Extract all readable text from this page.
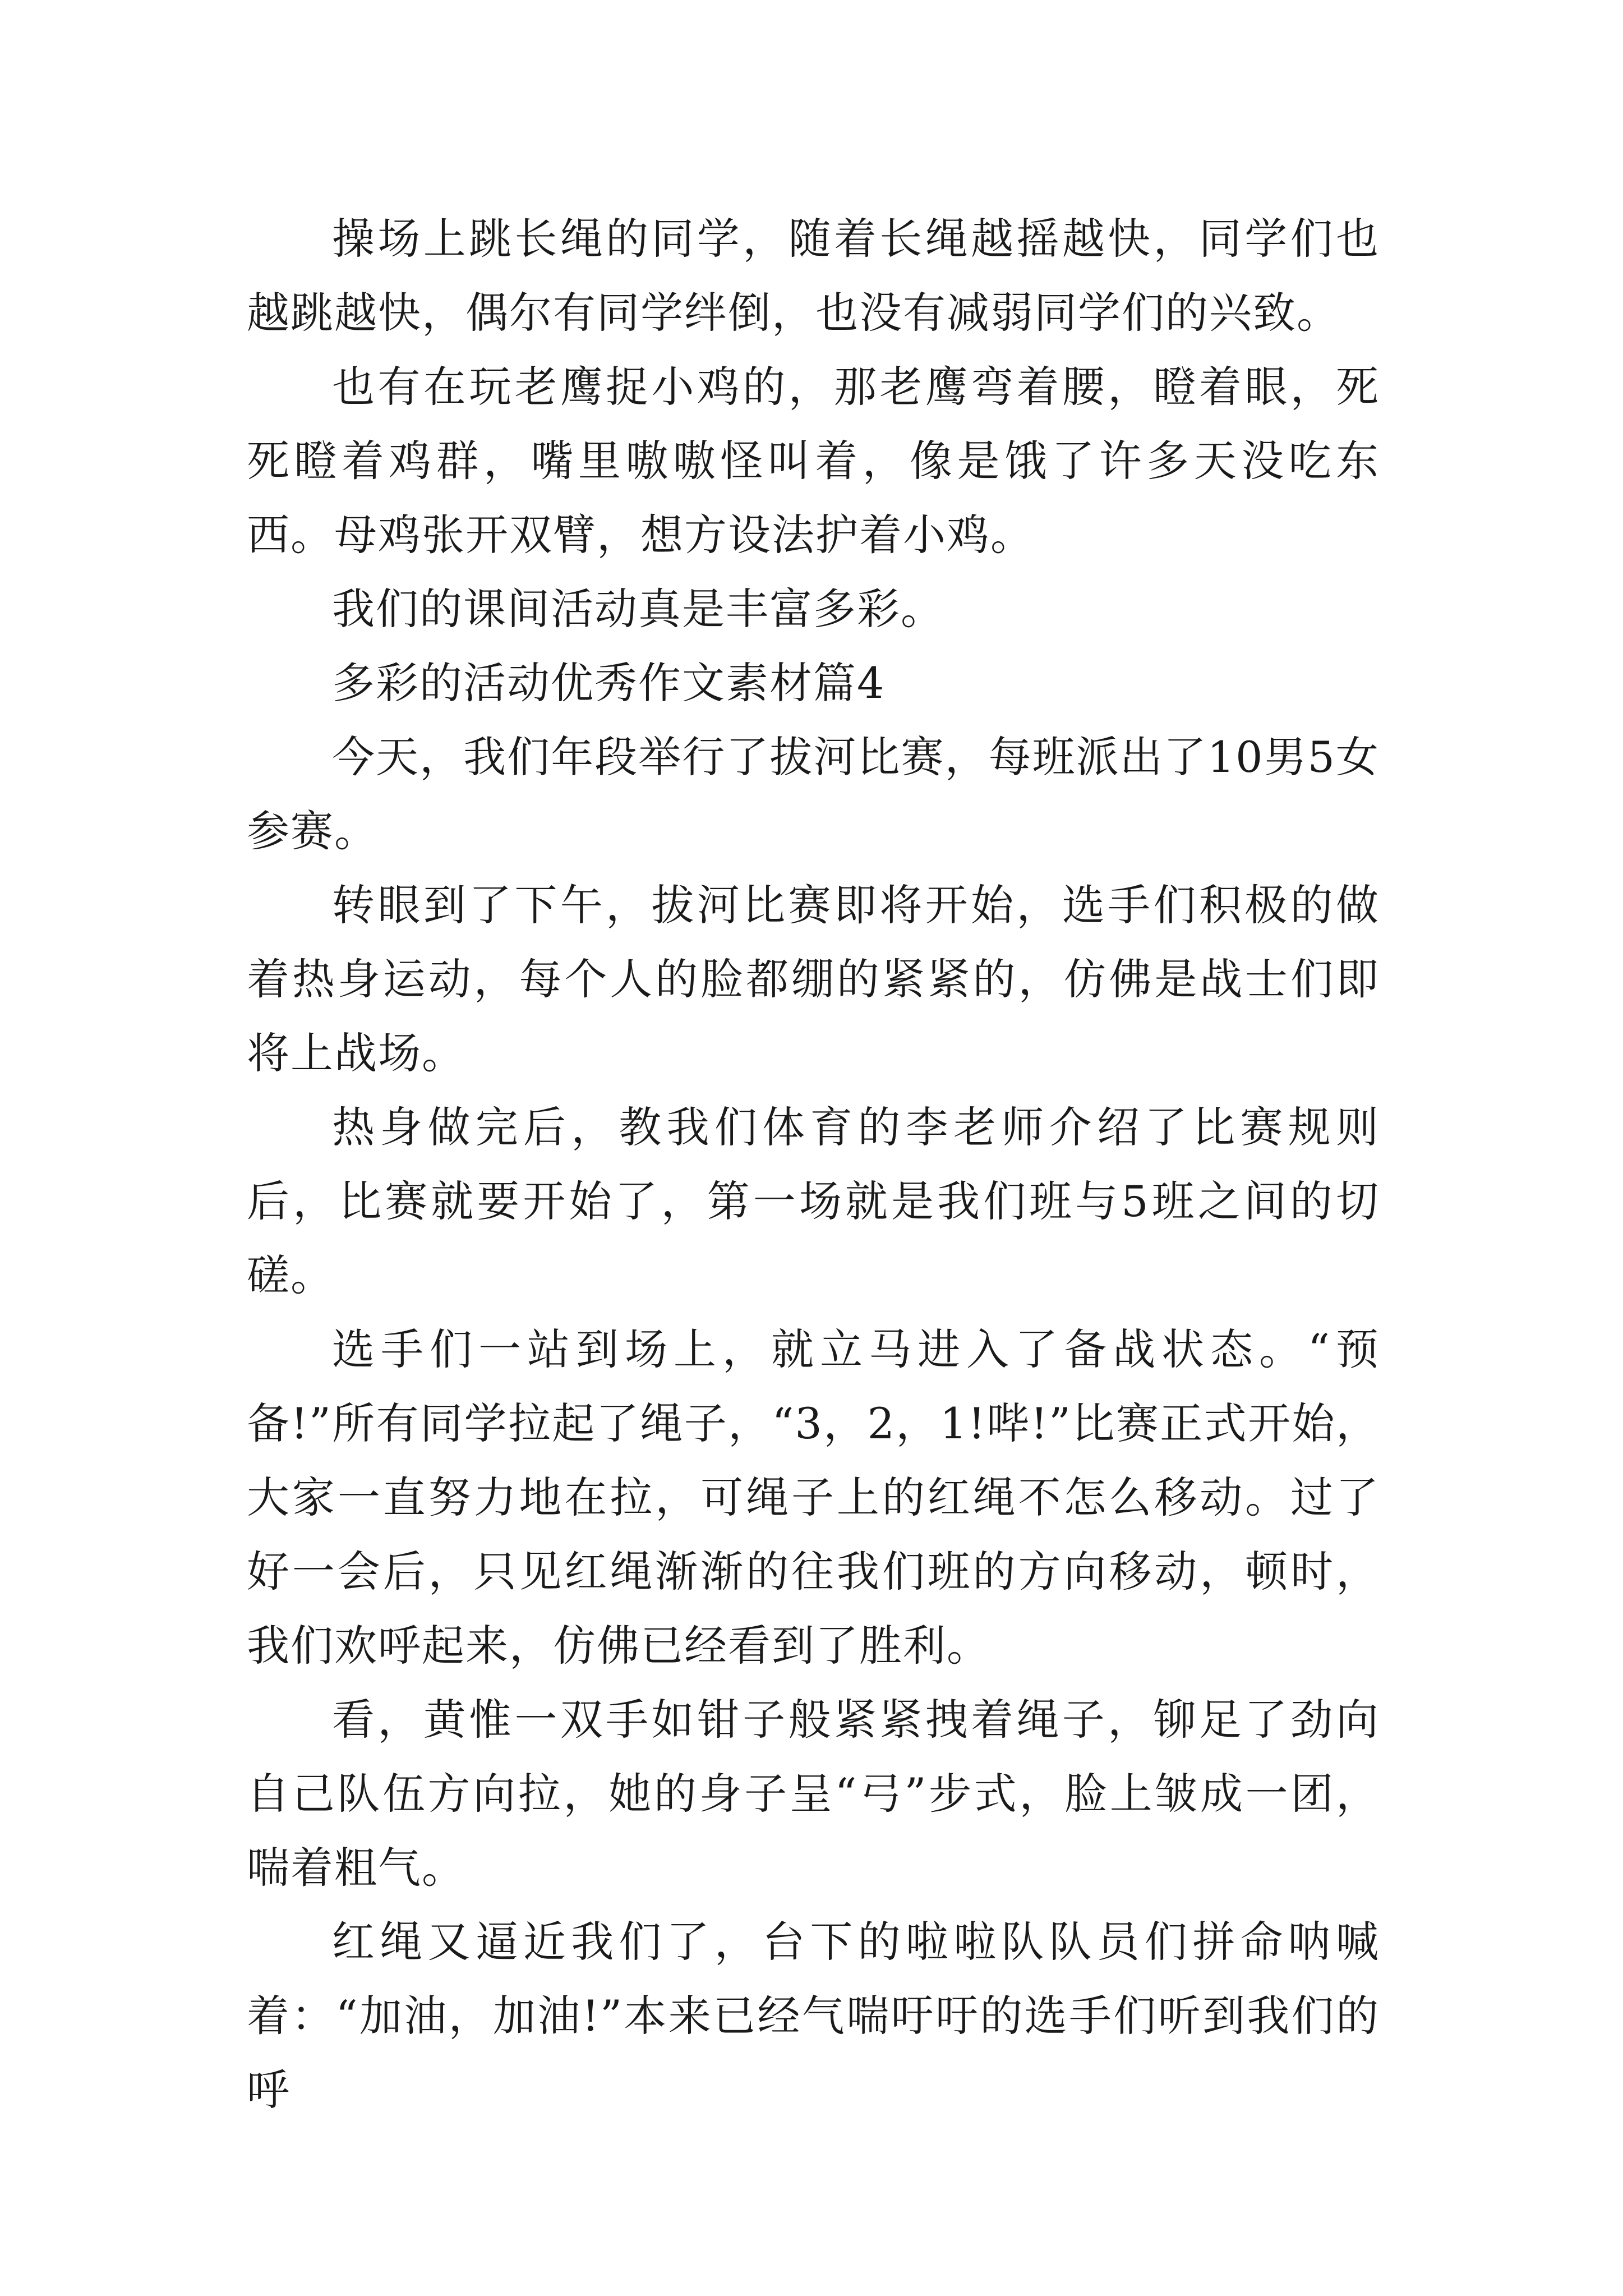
操场上跳长绳的同学，随着长绳越摇越快，同学们也越跳越快，偶尔有同学绊倒，也没有减弱同学们的兴致。

也有在玩老鹰捉小鸡的，那老鹰弯着腰，瞪着眼，死死瞪着鸡群，嘴里嗷嗷怪叫着，像是饿了许多天没吃东西。母鸡张开双臂，想方设法护着小鸡。

我们的课间活动真是丰富多彩。

多彩的活动优秀作文素材篇4

今天，我们年段举行了拔河比赛，每班派出了10男5女参赛。

转眼到了下午，拔河比赛即将开始，选手们积极的做着热身运动，每个人的脸都绷的紧紧的，仿佛是战士们即将上战场。

热身做完后，教我们体育的李老师介绍了比赛规则后，比赛就要开始了，第一场就是我们班与5班之间的切磋。

选手们一站到场上，就立马进入了备战状态。“预备!”所有同学拉起了绳子，“3，2，1!哔!”比赛正式开始，大家一直努力地在拉，可绳子上的红绳不怎么移动。过了好一会后，只见红绳渐渐的往我们班的方向移动，顿时，我们欢呼起来，仿佛已经看到了胜利。

看，黄惟一双手如钳子般紧紧拽着绳子，铆足了劲向自己队伍方向拉，她的身子呈“弓”步式，脸上皱成一团，喘着粗气。

红绳又逼近我们了，台下的啦啦队队员们拼命呐喊着：“加油，加油!”本来已经气喘吁吁的选手们听到我们的呼
